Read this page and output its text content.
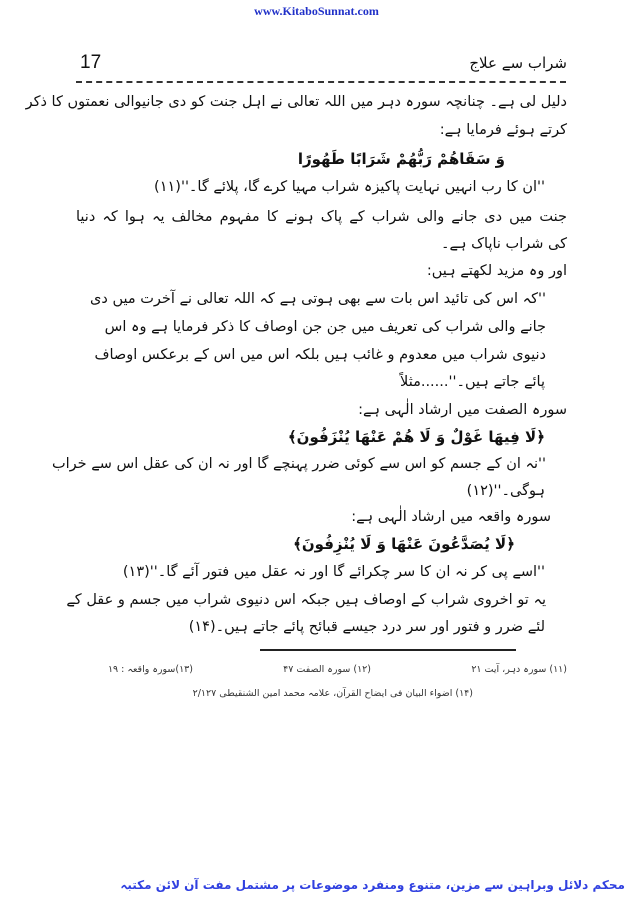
www.KitaboSunnat.com
17	شراب سے علاج
دلیل لی ہے۔ چنانچہ سورہ دہر میں اللہ تعالی نے اہل جنت کو دی جانیوالی نعمتوں کا ذکر
کرتے ہوئے فرمایا ہے:
وَ سَقَاهُمْ رَبُّهُمْ شَرَابًا طَهُورًا
''ان کا رب انہیں نہایت پاکیزہ شراب مہیا کرے گا، پلائے گا۔''(۱۱)
جنت میں دی جانے والی شراب کے پاک ہونے کا مفہوم مخالف یہ ہوا کہ دنیا
کی شراب ناپاک ہے۔
اور وہ مزید لکھتے ہیں:
''کہ اس کی تائید اس بات سے بھی ہوتی ہے کہ اللہ تعالی نے آخرت میں دی
جانے والی شراب کی تعریف میں جن جن اوصاف کا ذکر فرمایا ہے وہ اس
دنیوی شراب میں معدوم و غائب ہیں بلکہ اس میں اس کے برعکس اوصاف
پائے جاتے ہیں۔''......مثلاً
سورہ الصفت میں ارشاد الٰہی ہے:
﴿لَا فِيهَا غَوْلٌ وَ لَا هُمْ عَنْهَا يُنْزَفُونَ﴾
''نہ ان کے جسم کو اس سے کوئی ضرر پہنچے گا اور نہ ان کی عقل اس سے خراب
ہوگی۔''(۱۲)
سورہ واقعہ میں ارشاد الٰہی ہے:
﴿لَا يُصَدَّعُونَ عَنْهَا وَ لَا يُنْزِفُونَ﴾
''اسے پی کر نہ ان کا سر چکرائے گا اور نہ عقل میں فتور آئے گا۔''(۱۳)
یہ تو اخروی شراب کے اوصاف ہیں جبکہ اس دنیوی شراب میں جسم و عقل کے
لئے ضرر و فتور اور سر درد جیسے قبائح پائے جاتے ہیں۔(۱۴)
(۱۱) سورہ دہر، آیت ۲۱
(۱۲) سورہ الصفت ۴۷
(۱۳)سورہ واقعہ : ۱۹
(۱۴) اضواء البیان فی ایضاح القرآن، علامہ محمد امین الشنقیطی ۲/۱۲۷
محکم دلائل وبراہین سے مزین، متنوع ومنفرد موضوعات پر مشتمل مفت آن لائن مکتبہ
